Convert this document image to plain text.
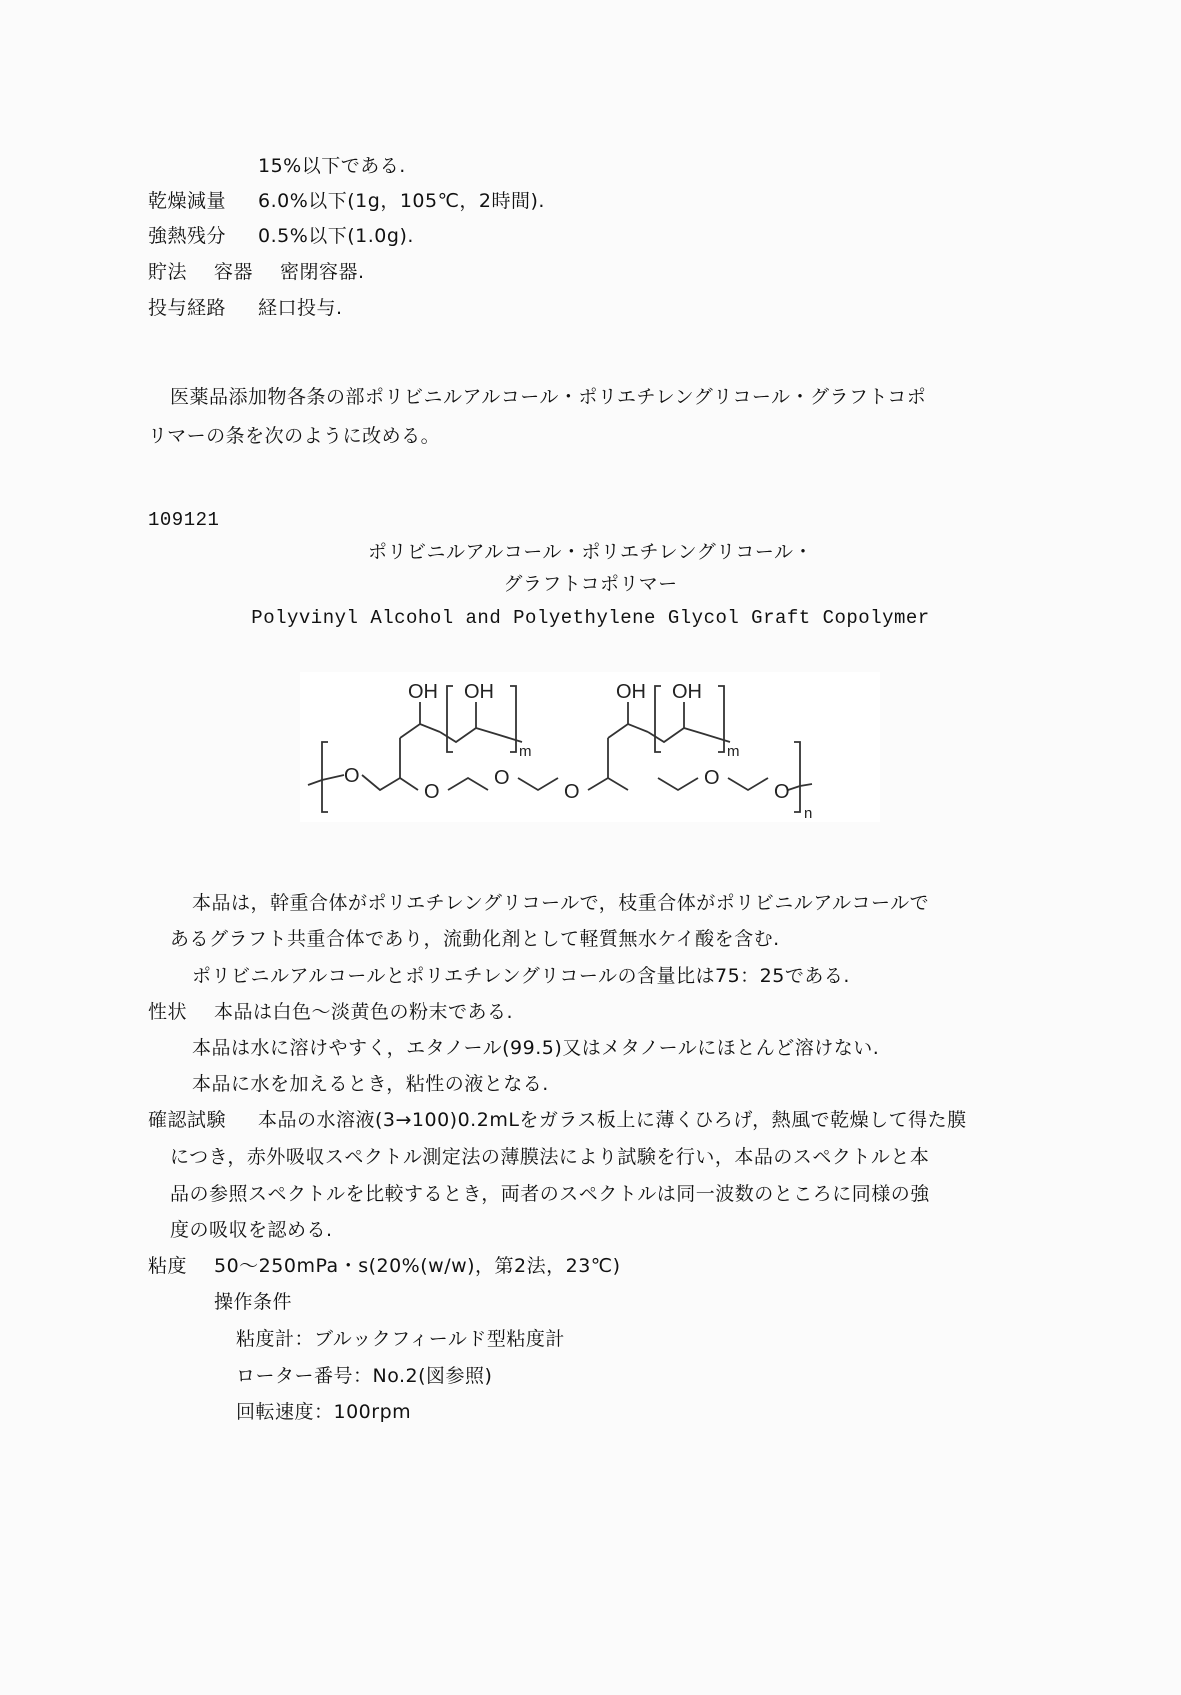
15%以下である.
乾燥減量 6.0%以下(1g，105℃，2時間).
強熱残分 0.5%以下(1.0g).
貯法 容器 密閉容器.
投与経路 経口投与.
医薬品添加物各条の部ポリビニルアルコール・ポリエチレングリコール・グラフトコポ
リマーの条を次のように改める。
109121
ポリビニルアルコール・ポリエチレングリコール・
グラフトコポリマー
Polyvinyl Alcohol and Polyethylene Glycol Graft Copolymer
OH OH	OH OH
O
O
O
O
O
O
m	m
n
本品は，幹重合体がポリエチレングリコールで，枝重合体がポリビニルアルコールで
あるグラフト共重合体であり，流動化剤として軽質無水ケイ酸を含む.
ポリビニルアルコールとポリエチレングリコールの含量比は75：25である.
性状 本品は白色〜淡黄色の粉末である.
本品は水に溶けやすく，エタノール(99.5)又はメタノールにほとんど溶けない.
本品に水を加えるとき，粘性の液となる.
確認試験 本品の水溶液(3→100)0.2mLをガラス板上に薄くひろげ，熱風で乾燥して得た膜
につき，赤外吸収スペクトル測定法の薄膜法により試験を行い，本品のスペクトルと本
品の参照スペクトルを比較するとき，両者のスペクトルは同一波数のところに同様の強
度の吸収を認める.
粘度 50〜250mPa・s(20%(w/w)，第2法，23℃)
操作条件
粘度計：ブルックフィールド型粘度計
ローター番号：No.2(図参照)
回転速度：100rpm
